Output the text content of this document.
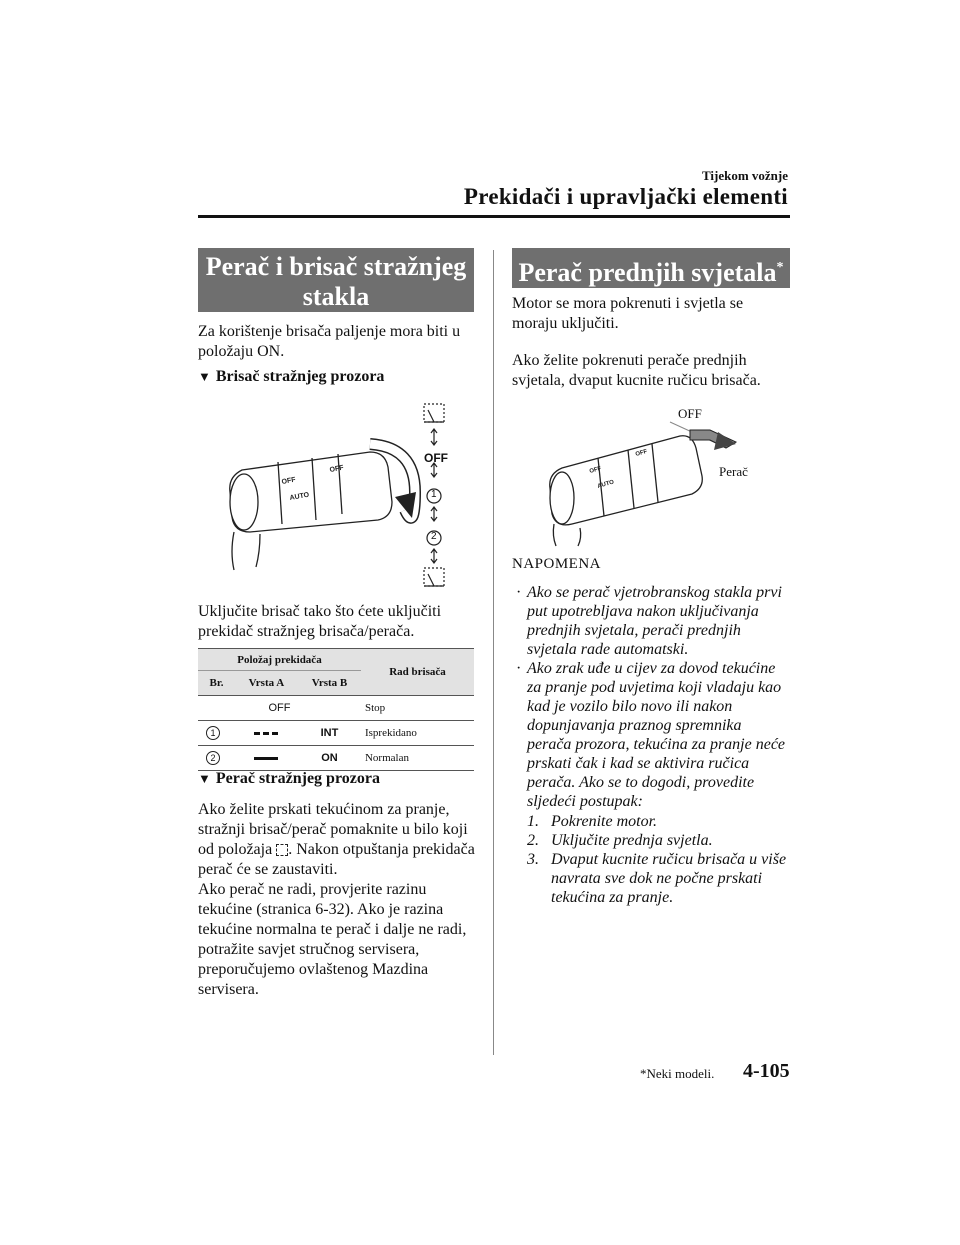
Tijekom vožnje
Prekidači i upravljački elementi
Perač i brisač stražnjeg stakla
Za korištenje brisača paljenje mora biti u položaju ON.
▼ Brisač stražnjeg prozora
OFF
AUTO
OFF
OFF
1
2
Uključite brisač tako što ćete uključiti prekidač stražnjeg brisača/perača.
Položaj prekidača			Rad brisača
Br.	Vrsta A	Vrsta B	
OFF			Stop
1		INT	Isprekidano
2		ON	Normalan
▼ Perač stražnjeg prozora
Ako želite prskati tekućinom za pranje, stražnji brisač/perač pomaknite u bilo koji od položaja . Nakon otpuštanja prekidača perač će se zaustaviti.
Ako perač ne radi, provjerite razinu tekućine (stranica 6-32). Ako je razina tekućine normalna te perač i dalje ne radi, potražite savjet stručnog servisera, preporučujemo ovlaštenog Mazdina servisera.
Perač prednjih svjetala*
Motor se mora pokrenuti i svjetla se moraju uključiti.
Ako želite pokrenuti perače prednjih svjetala, dvaput kucnite ručicu brisača.
OFF
AUTO
OFF
OFF
Perač
NAPOMENA
· Ako se perač vjetrobranskog stakla prvi put upotrebljava nakon uključivanja prednjih svjetala, perači prednjih svjetala rade automatski.
· Ako zrak uđe u cijev za dovod tekućine za pranje pod uvjetima koji vladaju kao kad je vozilo bilo novo ili nakon dopunjavanja praznog spremnika perača prozora, tekućina za pranje neće prskati čak i kad se aktivira ručica perača. Ako se to dogodi, provedite sljedeći postupak:
1. Pokrenite motor.
2. Uključite prednja svjetla.
3. Dvaput kucnite ručicu brisača u više navrata sve dok ne počne prskati tekućina za pranje.
*Neki modeli. 4-105
